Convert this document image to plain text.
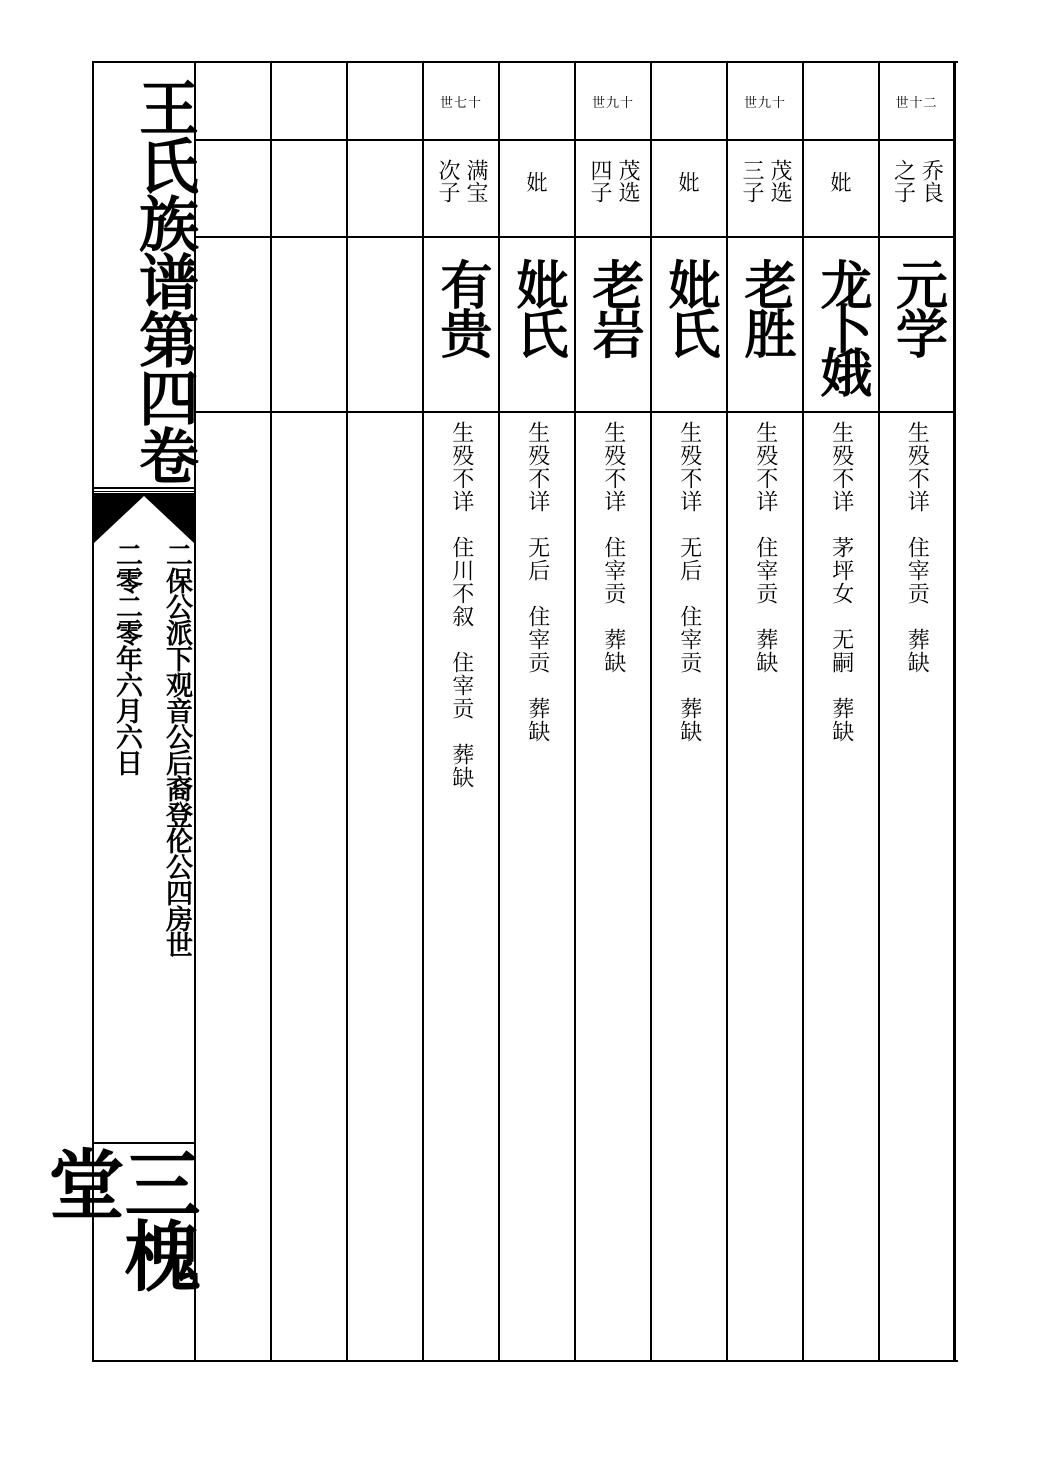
王氏族谱第四卷
二保公派下观音公后裔登伦公四房世
二零二零年六月六日
三槐堂
世七十
满宝
次子
有贵
生殁不详　住川不叙　住宰贡　葬缺
妣
妣氏
生殁不详　无后　住宰贡　葬缺
世九十
茂选
四子
老岩
生殁不详　住宰贡　葬缺
妣
妣氏
生殁不详　无后　住宰贡　葬缺
世九十
茂选
三子
老胜
生殁不详　住宰贡　葬缺
妣
龙卜娥
生殁不详　茅坪女　无嗣　葬缺
世十二
乔良
之子
元学
生殁不详　住宰贡　葬缺
